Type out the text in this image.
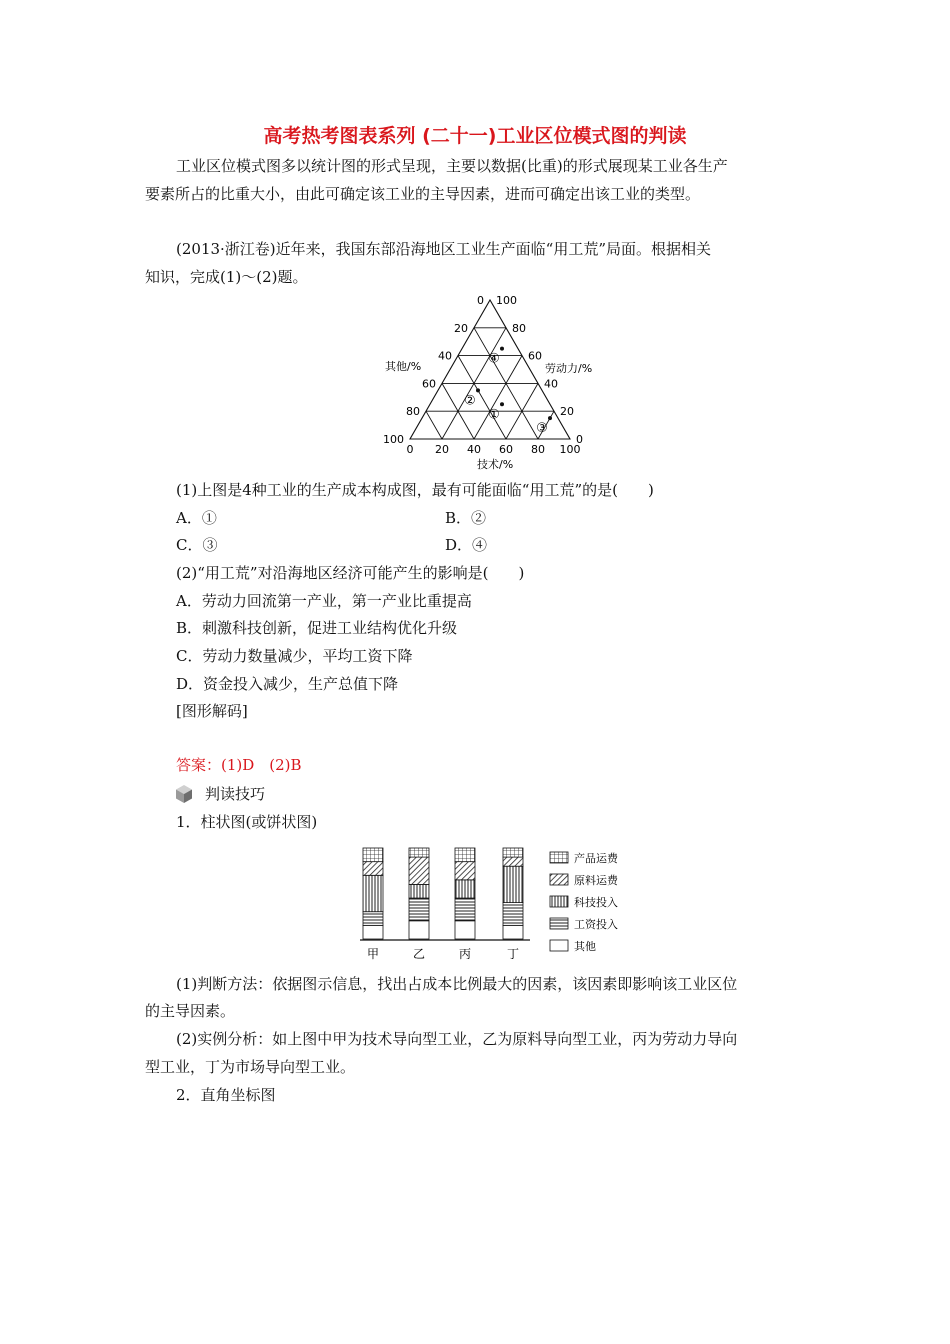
高考热考图表系列 (二十一)工业区位模式图的判读
工业区位模式图多以统计图的形式呈现，主要以数据(比重)的形式展现某工业各生产
要素所占的比重大小，由此可确定该工业的主导因素，进而可确定出该工业的类型。
(2013·浙江卷)近年来，我国东部沿海地区工业生产面临“用工荒”局面。根据相关
知识，完成(1)～(2)题。
0 20 40 60 80 100
0
20
40
60
80
100	0
20
40
60
80
100
其他/%	劳动力/%
技术/%
①
②
③
④
(1)上图是4种工业的生产成本构成图，最有可能面临“用工荒”的是(　　)
A．①	B．②
C．③	D．④
(2)“用工荒”对沿海地区经济可能产生的影响是(　　)
A．劳动力回流第一产业，第一产业比重提高
B．刺激科技创新，促进工业结构优化升级
C．劳动力数量减少，平均工资下降
D．资金投入减少，生产总值下降
[图形解码]
答案：(1)D　(2)B
判读技巧
1．柱状图(或饼状图)
甲	乙	丙	丁
产品运费
原料运费
科技投入
工资投入
其他
(1)判断方法：依据图示信息，找出占成本比例最大的因素，该因素即影响该工业区位
的主导因素。
(2)实例分析：如上图中甲为技术导向型工业，乙为原料导向型工业，丙为劳动力导向
型工业，丁为市场导向型工业。
2．直角坐标图
